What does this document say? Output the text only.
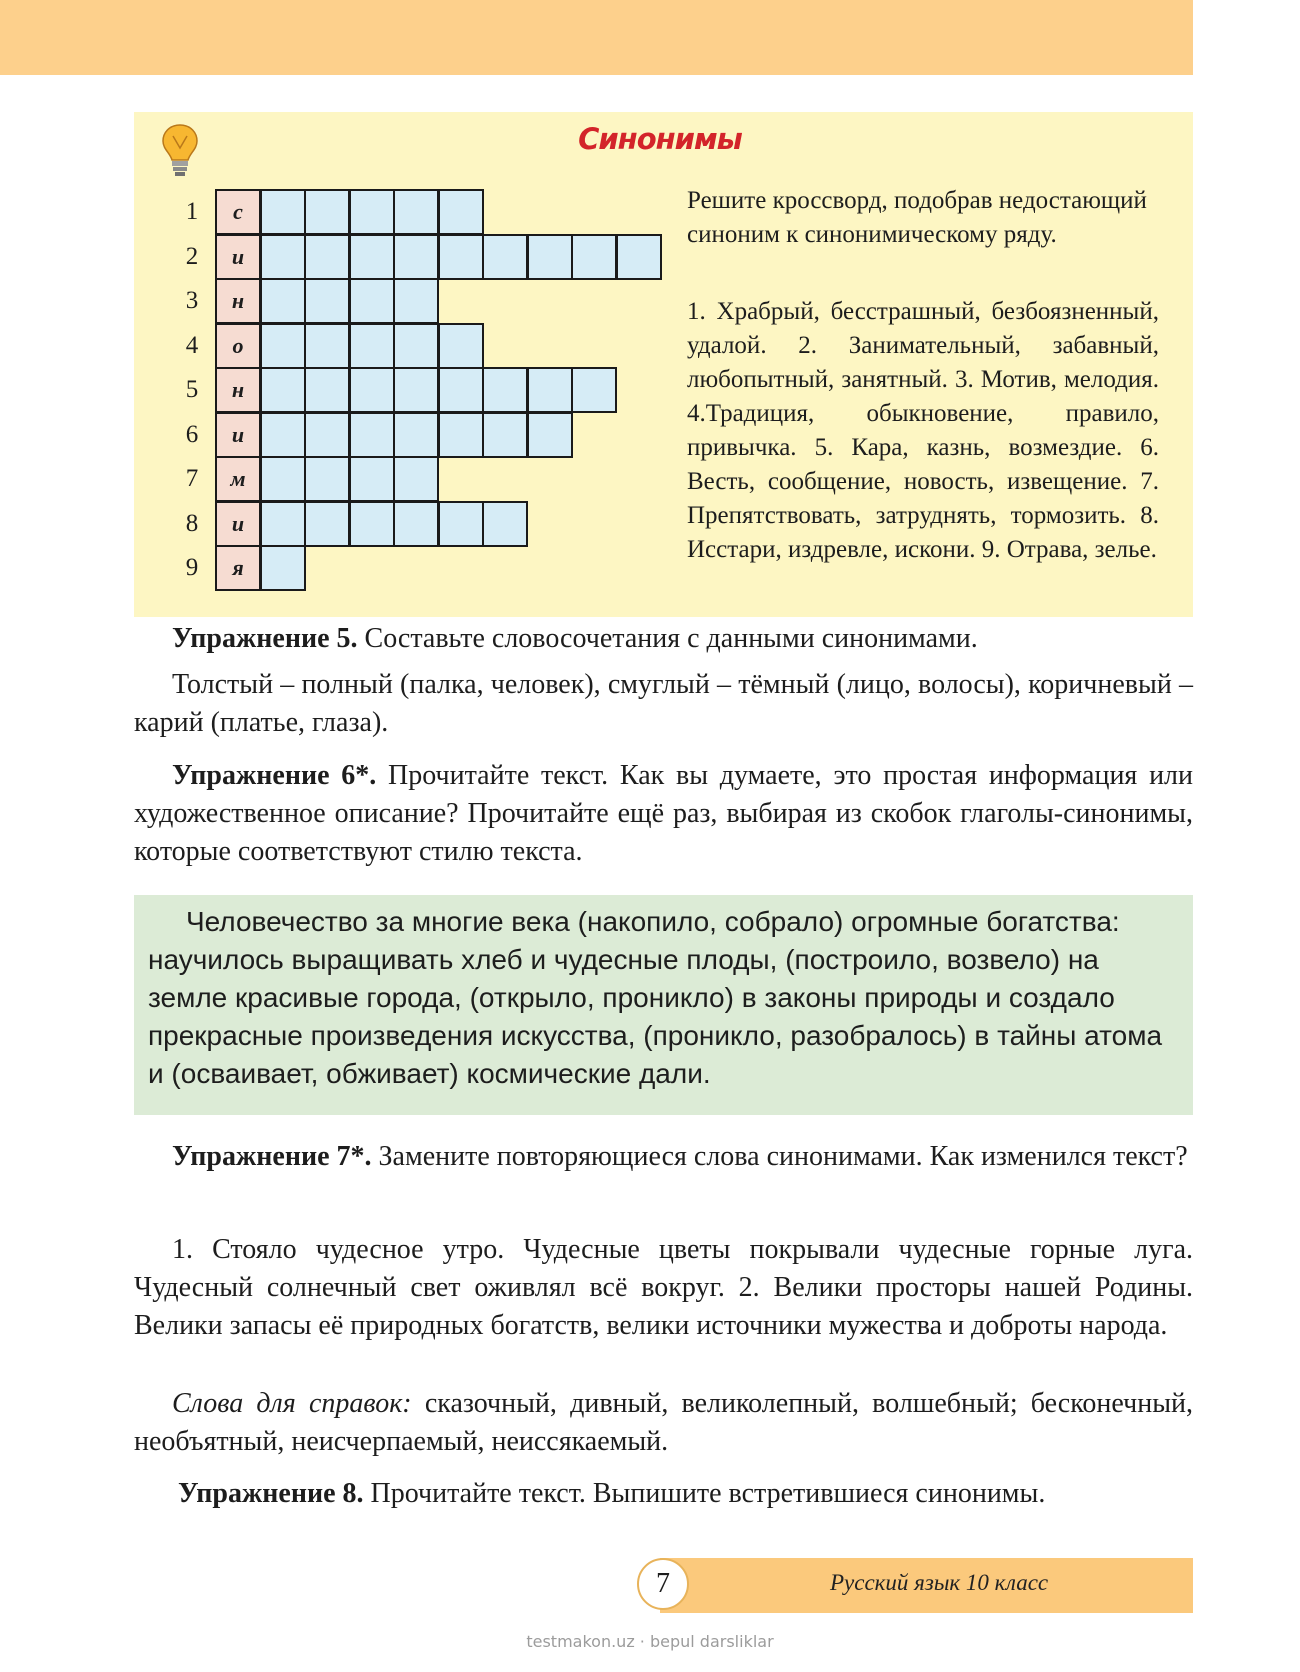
Синонимы
1	с
2	и
3	н
4	о
5	н
6	и
7	м
8	и
9	я
Решите кроссворд, подобрав недостающий синоним к синонимическому ряду.
1. Храбрый, бесстрашный, безбоязненный, удалой. 2. Занимательный, забавный, любопытный, занятный. 3. Мотив, мелодия. 4.Традиция, обыкновение, правило, привычка. 5. Кара, казнь, возмездие. 6. Весть, сообщение, новость, извещение. 7. Препятствовать, затруднять, тормозить. 8. Исстари, издревле, искони. 9. Отрава, зелье.
Упражнение 5. Составьте словосочетания с данными синонимами.
Толстый – полный (палка, человек), смуглый – тёмный (лицо, волосы), коричневый – карий (платье, глаза).
Упражнение 6*. Прочитайте текст. Как вы думаете, это простая информация или художественное описание? Прочитайте ещё раз, выбирая из скобок глаголы-синонимы, которые соответствуют стилю текста.
Человечество за многие века (накопило, собрало) огромные богатства: научилось выращивать хлеб и чудесные плоды, (построило, возвело) на земле красивые города, (открыло, проникло) в законы природы и создало прекрасные произведения искусства, (проникло, разобралось) в тайны атома и (осваивает, обживает) космические дали.
Упражнение 7*. Замените повторяющиеся слова синонимами. Как изменился текст?
1. Стояло чудесное утро. Чудесные цветы покрывали чудесные горные луга. Чудесный солнечный свет оживлял всё вокруг. 2. Велики просторы нашей Родины. Велики запасы её природных богатств, велики источники мужества и доброты народа.
Слова для справок: сказочный, дивный, великолепный, волшебный; бесконечный, необъятный, неисчерпаемый, неиссякаемый.
Упражнение 8. Прочитайте текст. Выпишите встретившиеся синонимы.
7	Русский язык 10 класс
testmakon.uz · bepul darsliklar
